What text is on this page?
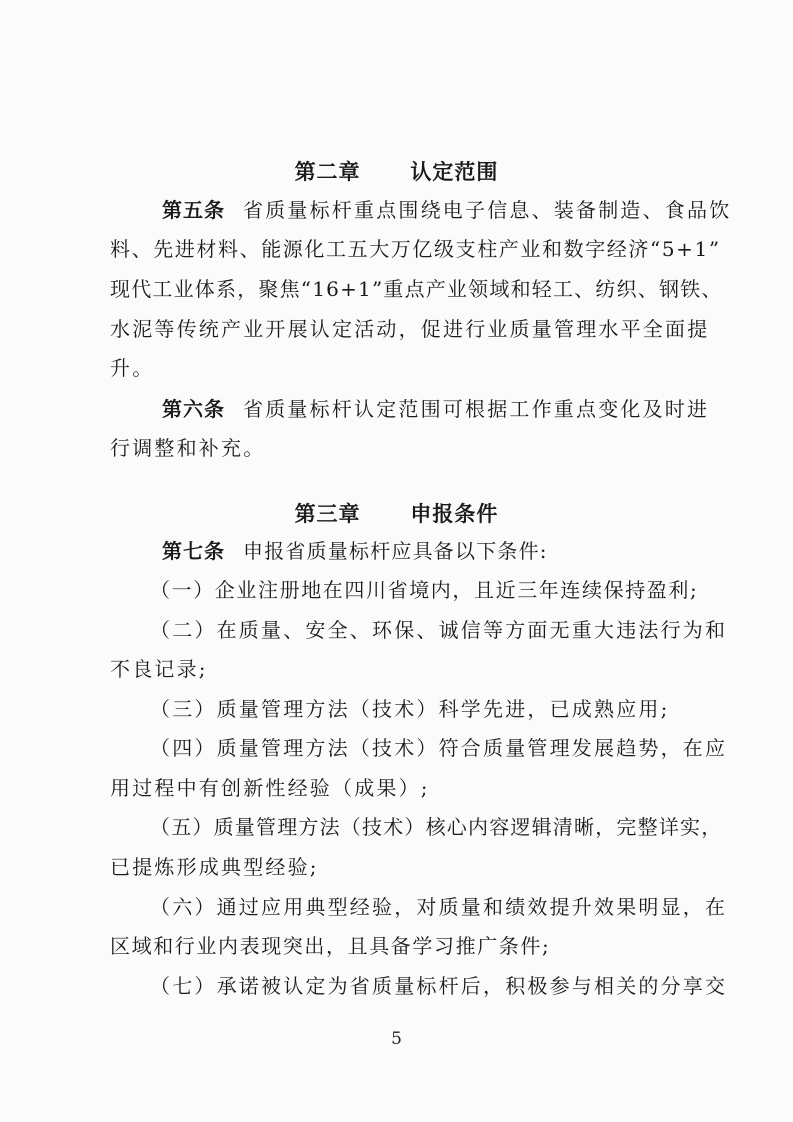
第二章      认定范围
第五条 省质量标杆重点围绕电子信息、装备制造、食品饮
料、先进材料、能源化工五大万亿级支柱产业和数字经济“5+1”
现代工业体系，聚焦“16+1”重点产业领域和轻工、纺织、钢铁、
水泥等传统产业开展认定活动，促进行业质量管理水平全面提
升。
第六条 省质量标杆认定范围可根据工作重点变化及时进
行调整和补充。
第三章      申报条件
第七条 申报省质量标杆应具备以下条件:
（一）企业注册地在四川省境内，且近三年连续保持盈利;
（二）在质量、安全、环保、诚信等方面无重大违法行为和
不良记录;
（三）质量管理方法（技术）科学先进，已成熟应用;
（四）质量管理方法（技术）符合质量管理发展趋势，在应
用过程中有创新性经验（成果）;
（五）质量管理方法（技术）核心内容逻辑清晰，完整详实，
已提炼形成典型经验;
（六）通过应用典型经验，对质量和绩效提升效果明显，在
区域和行业内表现突出，且具备学习推广条件;
（七）承诺被认定为省质量标杆后，积极参与相关的分享交
5
